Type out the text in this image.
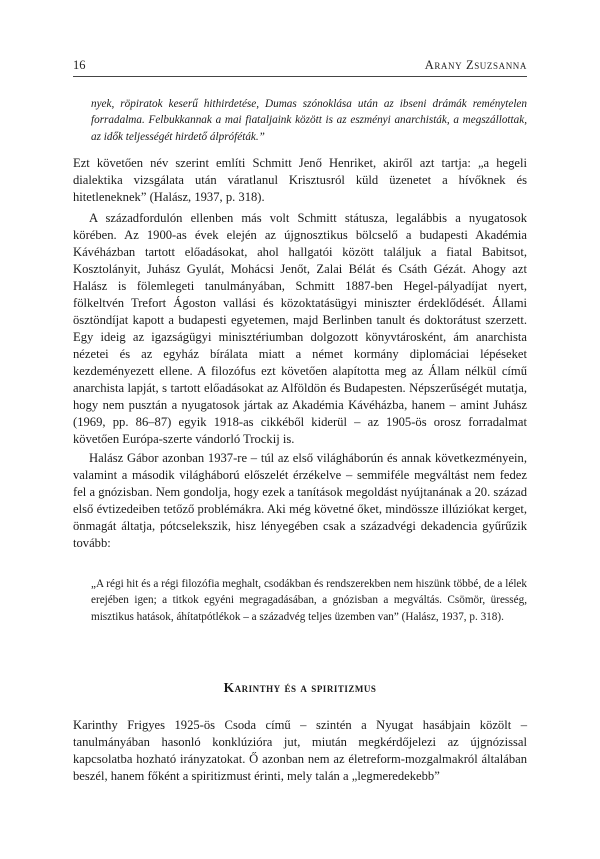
16	Arany Zsuzsanna

nyek, röpiratok keserű hithirdetése, Dumas szónoklása után az ibseni drámák reménytelen forradalma. Felbukkannak a mai fiataljaink között is az eszményi anarchisták, a megszállottak, az idők teljességét hirdető álpróféták.”

Ezt követően név szerint említi Schmitt Jenő Henriket, akiről azt tartja: „a hegeli dialektika vizsgálata után váratlanul Krisztusról küld üzenetet a hívőknek és hitetleneknek” (Halász, 1937, p. 318).

A századfordulón ellenben más volt Schmitt státusza, legalábbis a nyugatosok körében. Az 1900-as évek elején az újgnosztikus bölcselő a budapesti Akadémia Kávéházban tartott előadásokat, ahol hallgatói között találjuk a fiatal Babitsot, Kosztolányit, Juhász Gyulát, Mohácsi Jenőt, Zalai Bélát és Csáth Gézát. Ahogy azt Halász is fölemlegeti tanulmányában, Schmitt 1887-ben Hegel-pályadíjat nyert, fölkeltvén Trefort Ágoston vallási és közoktatásügyi miniszter érdeklődését. Állami ösztöndíjat kapott a budapesti egyetemen, majd Berlinben tanult és doktorátust szerzett. Egy ideig az igazságügyi minisztériumban dolgozott könyvtárosként, ám anarchista nézetei és az egyház bírálata miatt a német kormány diplomáciai lépéseket kezdeményezett ellene. A filozófus ezt követően alapította meg az Állam nélkül című anarchista lapját, s tartott előadásokat az Alföldön és Budapesten. Népszerűségét mutatja, hogy nem pusztán a nyugatosok jártak az Akadémia Kávéházba, hanem – amint Juhász (1969, pp. 86–87) egyik 1918-as cikkéből kiderül – az 1905-ös orosz forradalmat követően Európa-szerte vándorló Trockij is.

Halász Gábor azonban 1937-re – túl az első világháborún és annak következményein, valamint a második világháború előszelét érzékelve – semmiféle megváltást nem fedez fel a gnózisban. Nem gondolja, hogy ezek a tanítások megoldást nyújtanának a 20. század első évtizedeiben tetőző problémákra. Aki még követné őket, mindössze illúziókat kerget, önmagát áltatja, pótcselekszik, hisz lényegében csak a századvégi dekadencia gyűrűzik tovább:

„A régi hit és a régi filozófia meghalt, csodákban és rendszerekben nem hiszünk többé, de a lélek erejében igen; a titkok egyéni megragadásában, a gnózisban a megváltás. Csömör, üresség, misztikus hatások, áhítatpótlékok – a századvég teljes üzemben van” (Halász, 1937, p. 318).

Karinthy és a spiritizmus

Karinthy Frigyes 1925-ös Csoda című – szintén a Nyugat hasábjain közölt – tanulmányában hasonló konklúzióra jut, miután megkérdőjelezi az újgnózissal kapcsolatba hozható irányzatokat. Ő azonban nem az életreform-mozgalmakról általában beszél, hanem főként a spiritizmust érinti, mely talán a „legmeredekebb”
